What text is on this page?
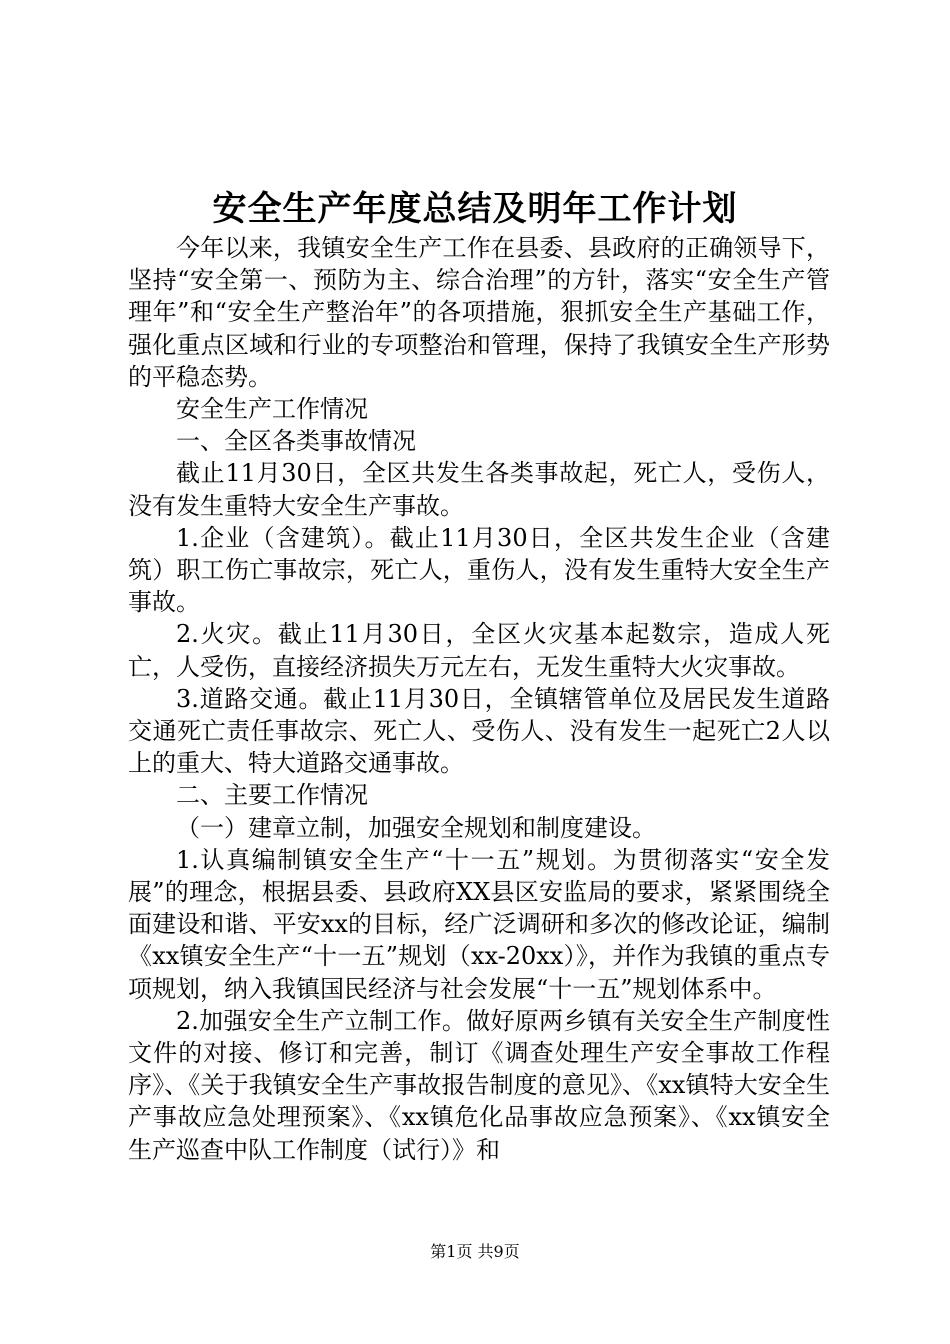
安全生产年度总结及明年工作计划

今年以来，我镇安全生产工作在县委、县政府的正确领导下，坚持“安全第一、预防为主、综合治理”的方针，落实“安全生产管理年”和“安全生产整治年”的各项措施，狠抓安全生产基础工作，强化重点区域和行业的专项整治和管理，保持了我镇安全生产形势的平稳态势。

安全生产工作情况

一、全区各类事故情况

截止11月30日，全区共发生各类事故起，死亡人，受伤人，没有发生重特大安全生产事故。

1.企业（含建筑）。截止11月30日，全区共发生企业（含建筑）职工伤亡事故宗，死亡人，重伤人，没有发生重特大安全生产事故。

2.火灾。截止11月30日，全区火灾基本起数宗，造成人死亡，人受伤，直接经济损失万元左右，无发生重特大火灾事故。

3.道路交通。截止11月30日，全镇辖管单位及居民发生道路交通死亡责任事故宗、死亡人、受伤人、没有发生一起死亡2人以上的重大、特大道路交通事故。

二、主要工作情况

（一）建章立制，加强安全规划和制度建设。

1.认真编制镇安全生产“十一五”规划。为贯彻落实“安全发展”的理念，根据县委、县政府XX县区安监局的要求，紧紧围绕全面建设和谐、平安xx的目标，经广泛调研和多次的修改论证，编制《xx镇安全生产“十一五”规划（xx-20xx）》，并作为我镇的重点专项规划，纳入我镇国民经济与社会发展“十一五”规划体系中。

2.加强安全生产立制工作。做好原两乡镇有关安全生产制度性文件的对接、修订和完善，制订《调查处理生产安全事故工作程序》、《关于我镇安全生产事故报告制度的意见》、《xx镇特大安全生产事故应急处理预案》、《xx镇危化品事故应急预案》、《xx镇安全生产巡查中队工作制度（试行）》和

第1页 共9页
